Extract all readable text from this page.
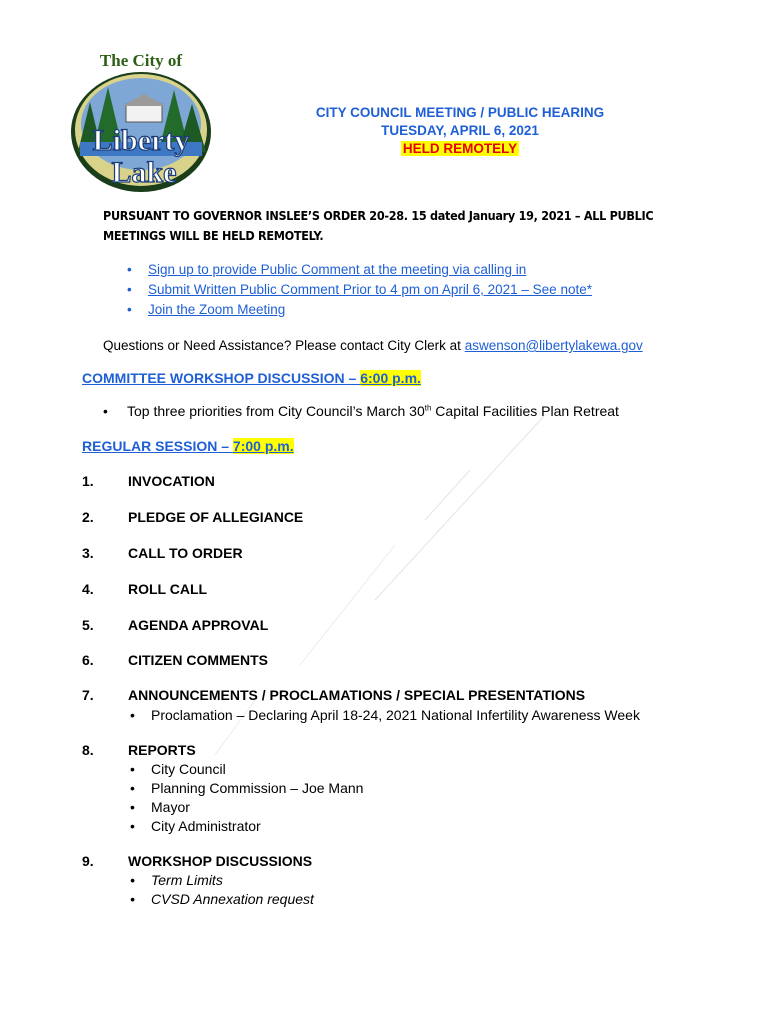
The City of
Liberty
Lake
CITY COUNCIL MEETING / PUBLIC HEARING
TUESDAY, APRIL 6, 2021
HELD REMOTELY
PURSUANT TO GOVERNOR INSLEE’S ORDER 20-28. 15 dated January 19, 2021 – ALL PUBLIC MEETINGS WILL BE HELD REMOTELY.
• Sign up to provide Public Comment at the meeting via calling in
• Submit Written Public Comment Prior to 4 pm on April 6, 2021 – See note*
• Join the Zoom Meeting
Questions or Need Assistance? Please contact City Clerk at aswenson@libertylakewa.gov
COMMITTEE WORKSHOP DISCUSSION – 6:00 p.m.
• Top three priorities from City Council’s March 30th Capital Facilities Plan Retreat
REGULAR SESSION – 7:00 p.m.
1. INVOCATION
2. PLEDGE OF ALLEGIANCE
3. CALL TO ORDER
4. ROLL CALL
5. AGENDA APPROVAL
6. CITIZEN COMMENTS
7. ANNOUNCEMENTS / PROCLAMATIONS / SPECIAL PRESENTATIONS
• Proclamation – Declaring April 18-24, 2021 National Infertility Awareness Week
8. REPORTS
• City Council
• Planning Commission – Joe Mann
• Mayor
• City Administrator
9. WORKSHOP DISCUSSIONS
• Term Limits
• CVSD Annexation request
